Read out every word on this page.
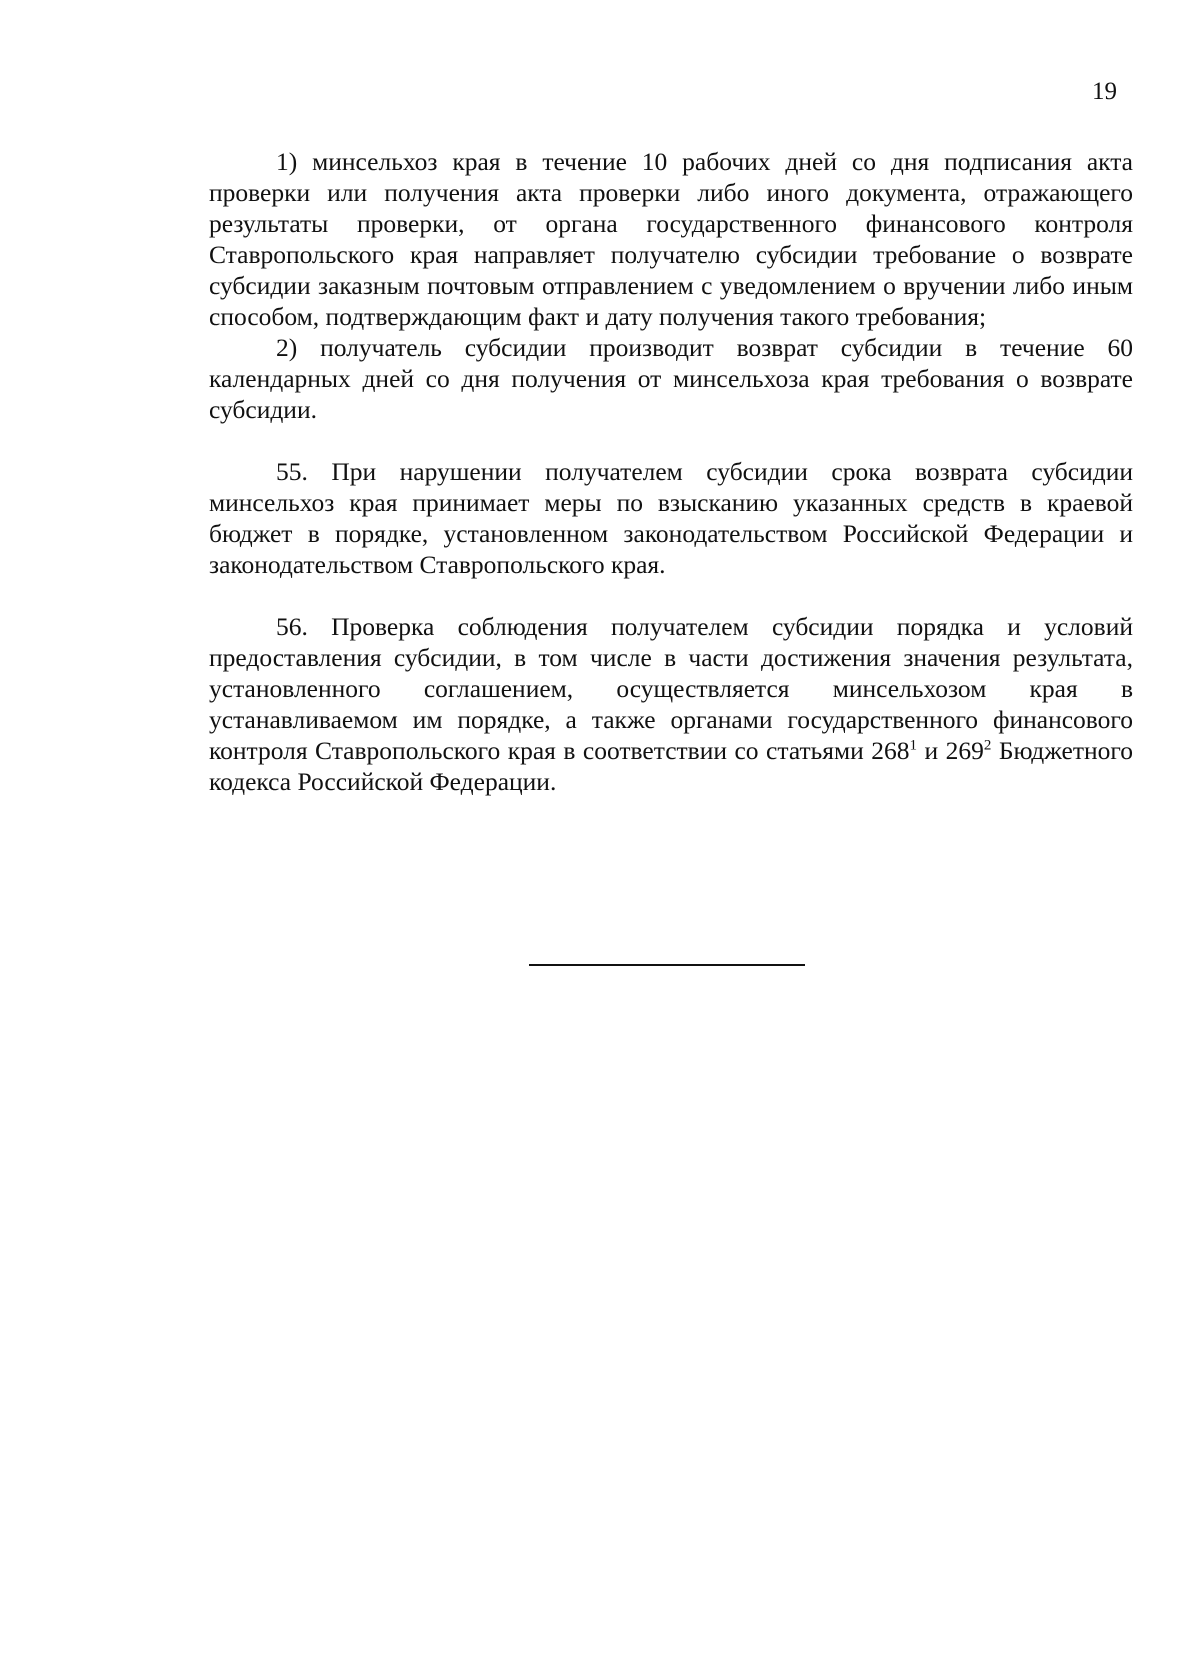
19

1) минсельхоз края в течение 10 рабочих дней со дня подписания акта проверки или получения акта проверки либо иного документа, отражающего результаты проверки, от органа государственного финансового контроля Ставропольского края направляет получателю субсидии требование о возврате субсидии заказным почтовым отправлением с уведомлением о вручении либо иным способом, подтверждающим факт и дату получения такого требования;

2) получатель субсидии производит возврат субсидии в течение 60 календарных дней со дня получения от минсельхоза края требования о возврате субсидии.

55. При нарушении получателем субсидии срока возврата субсидии минсельхоз края принимает меры по взысканию указанных средств в краевой бюджет в порядке, установленном законодательством Российской Федерации и законодательством Ставропольского края.

56. Проверка соблюдения получателем субсидии порядка и условий предоставления субсидии, в том числе в части достижения значения результата, установленного соглашением, осуществляется минсельхозом края в устанавливаемом им порядке, а также органами государственного финансового контроля Ставропольского края в соответствии со статьями $268^1$ и $269^2$ Бюджетного кодекса Российской Федерации.
